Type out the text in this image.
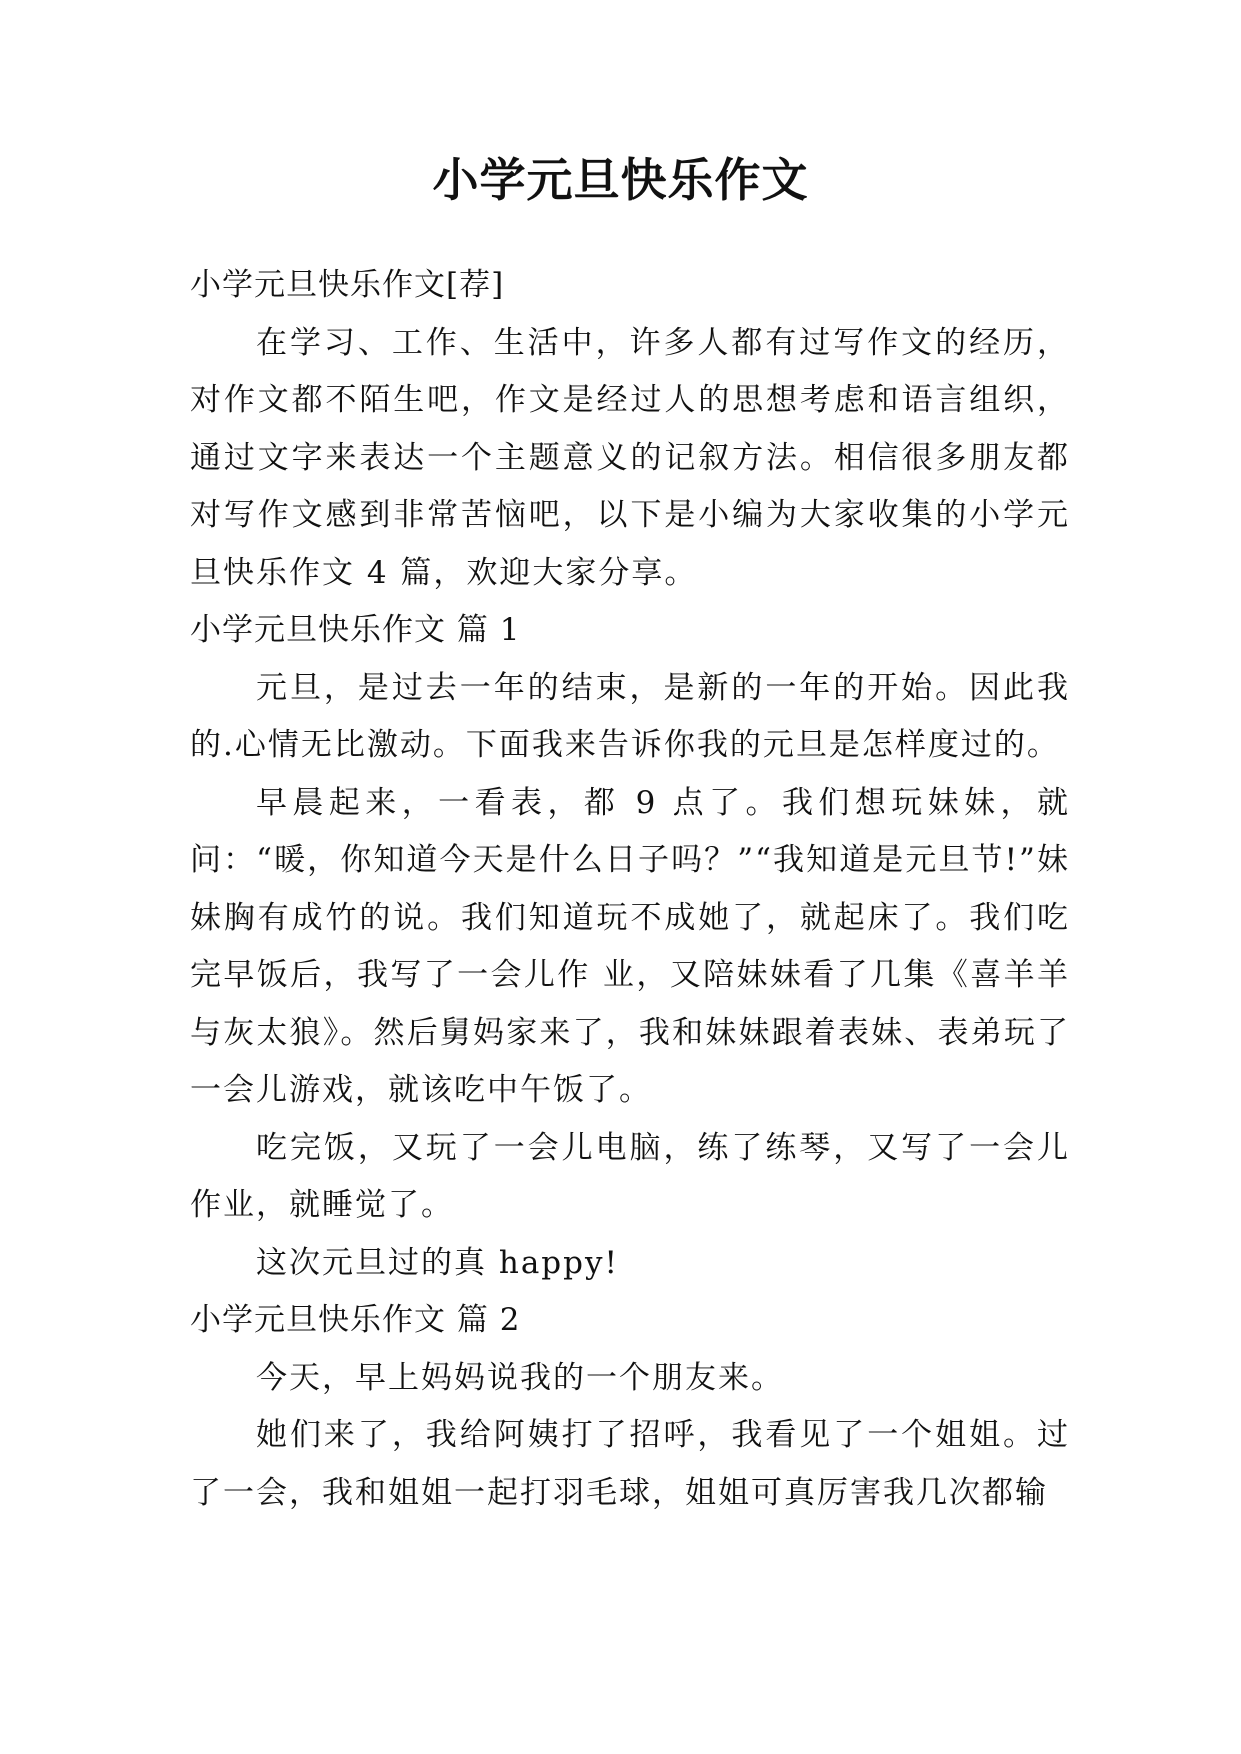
小学元旦快乐作文

小学元旦快乐作文[荐]

在学习、工作、生活中，许多人都有过写作文的经历，对作文都不陌生吧，作文是经过人的思想考虑和语言组织，通过文字来表达一个主题意义的记叙方法。相信很多朋友都对写作文感到非常苦恼吧，以下是小编为大家收集的小学元旦快乐作文 4 篇，欢迎大家分享。

小学元旦快乐作文 篇 1

元旦，是过去一年的结束，是新的一年的开始。因此我的.心情无比激动。下面我来告诉你我的元旦是怎样度过的。

早晨起来，一看表，都 9 点了。我们想玩妹妹，就问：“暖，你知道今天是什么日子吗？”“我知道是元旦节!”妹妹胸有成竹的说。我们知道玩不成她了，就起床了。我们吃完早饭后，我写了一会儿作 业，又陪妹妹看了几集《喜羊羊与灰太狼》。然后舅妈家来了，我和妹妹跟着表妹、表弟玩了一会儿游戏，就该吃中午饭了。

吃完饭，又玩了一会儿电脑，练了练琴，又写了一会儿作业，就睡觉了。

这次元旦过的真 happy!

小学元旦快乐作文 篇 2

今天，早上妈妈说我的一个朋友来。

她们来了，我给阿姨打了招呼，我看见了一个姐姐。过了一会，我和姐姐一起打羽毛球，姐姐可真厉害我几次都输
